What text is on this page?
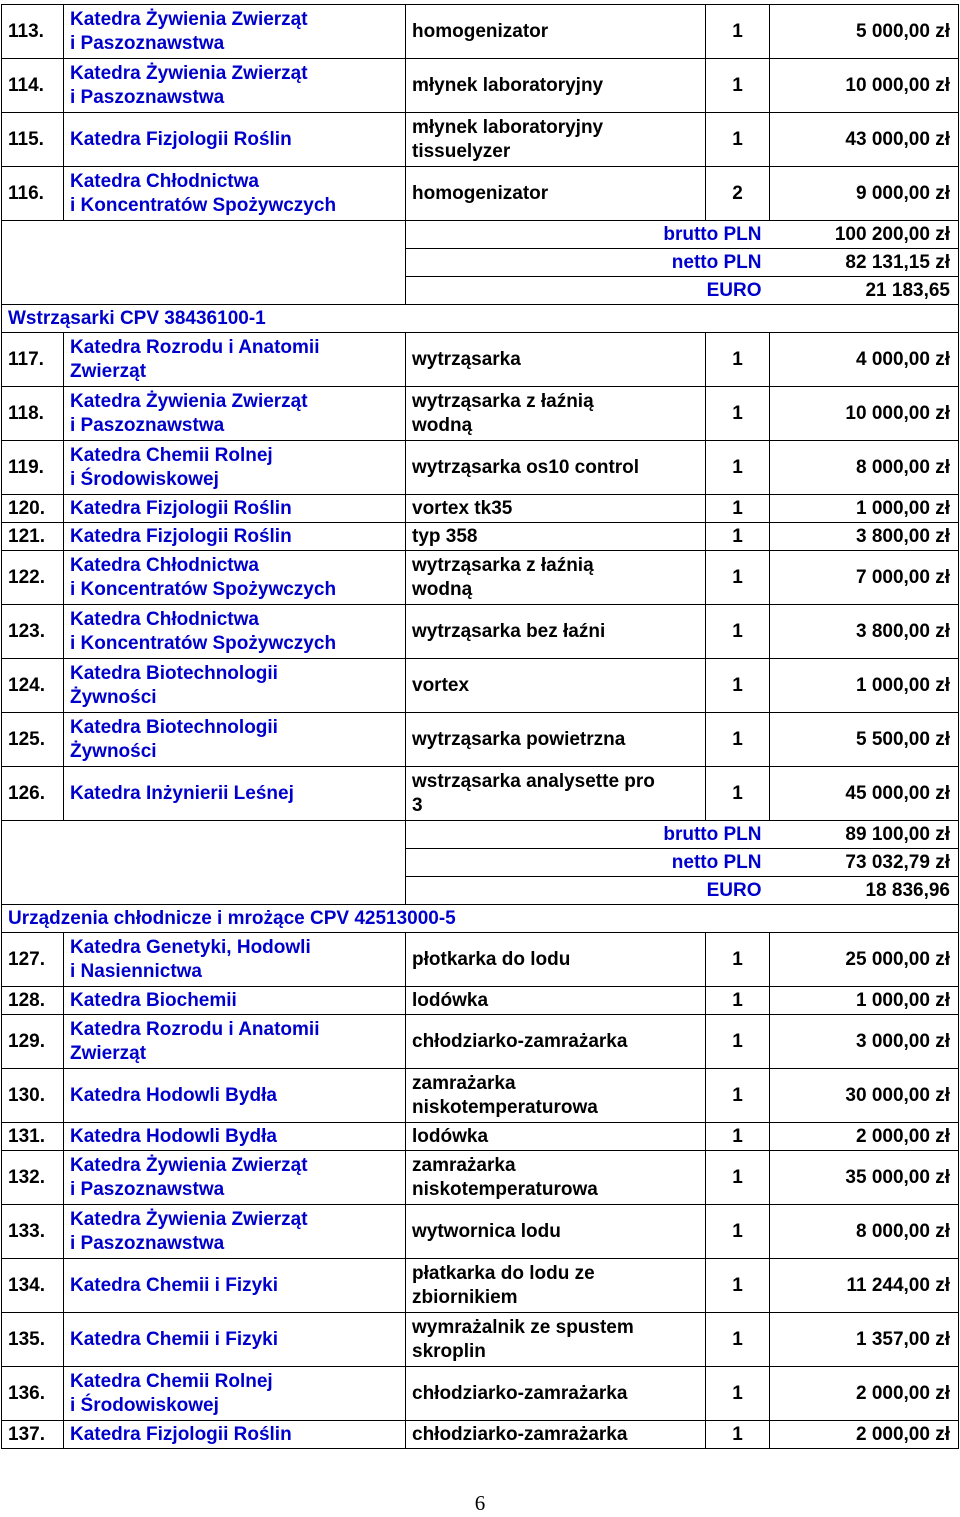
113.	Katedra Żywienia Zwierząt
i Paszoznawstwa	homogenizator	1	5 000,00 zł
114.	Katedra Żywienia Zwierząt
i Paszoznawstwa	młynek laboratoryjny	1	10 000,00 zł
115.	Katedra Fizjologii Roślin	młynek laboratoryjny
tissuelyzer	1	43 000,00 zł
116.	Katedra Chłodnictwa
i Koncentratów Spożywczych	homogenizator	2	9 000,00 zł
		brutto PLN		100 200,00 zł
		netto PLN		82 131,15 zł
		EURO		21 183,65
Wstrząsarki CPV 38436100-1				
117.	Katedra Rozrodu i Anatomii
Zwierząt	wytrząsarka	1	4 000,00 zł
118.	Katedra Żywienia Zwierząt
i Paszoznawstwa	wytrząsarka z łaźnią
wodną	1	10 000,00 zł
119.	Katedra Chemii Rolnej
i Środowiskowej	wytrząsarka os10 control	1	8 000,00 zł
120.	Katedra Fizjologii Roślin	vortex tk35	1	1 000,00 zł
121.	Katedra Fizjologii Roślin	typ 358	1	3 800,00 zł
122.	Katedra Chłodnictwa
i Koncentratów Spożywczych	wytrząsarka z łaźnią
wodną	1	7 000,00 zł
123.	Katedra Chłodnictwa
i Koncentratów Spożywczych	wytrząsarka bez łaźni	1	3 800,00 zł
124.	Katedra Biotechnologii
Żywności	vortex	1	1 000,00 zł
125.	Katedra Biotechnologii
Żywności	wytrząsarka powietrzna	1	5 500,00 zł
126.	Katedra Inżynierii Leśnej	wstrząsarka analysette pro
3	1	45 000,00 zł
		brutto PLN		89 100,00 zł
		netto PLN		73 032,79 zł
		EURO		18 836,96
Urządzenia chłodnicze i mrożące CPV 42513000-5				
127.	Katedra Genetyki, Hodowli
i Nasiennictwa	płotkarka do lodu	1	25 000,00 zł
128.	Katedra Biochemii	lodówka	1	1 000,00 zł
129.	Katedra Rozrodu i Anatomii
Zwierząt	chłodziarko-zamrażarka	1	3 000,00 zł
130.	Katedra Hodowli Bydła	zamrażarka
niskotemperaturowa	1	30 000,00 zł
131.	Katedra Hodowli Bydła	lodówka	1	2 000,00 zł
132.	Katedra Żywienia Zwierząt
i Paszoznawstwa	zamrażarka
niskotemperaturowa	1	35 000,00 zł
133.	Katedra Żywienia Zwierząt
i Paszoznawstwa	wytwornica lodu	1	8 000,00 zł
134.	Katedra Chemii i Fizyki	płatkarka do lodu ze
zbiornikiem	1	11 244,00 zł
135.	Katedra Chemii i Fizyki	wymrażalnik ze spustem
skroplin	1	1 357,00 zł
136.	Katedra Chemii Rolnej
i Środowiskowej	chłodziarko-zamrażarka	1	2 000,00 zł
137.	Katedra Fizjologii Roślin	chłodziarko-zamrażarka	1	2 000,00 zł
6
